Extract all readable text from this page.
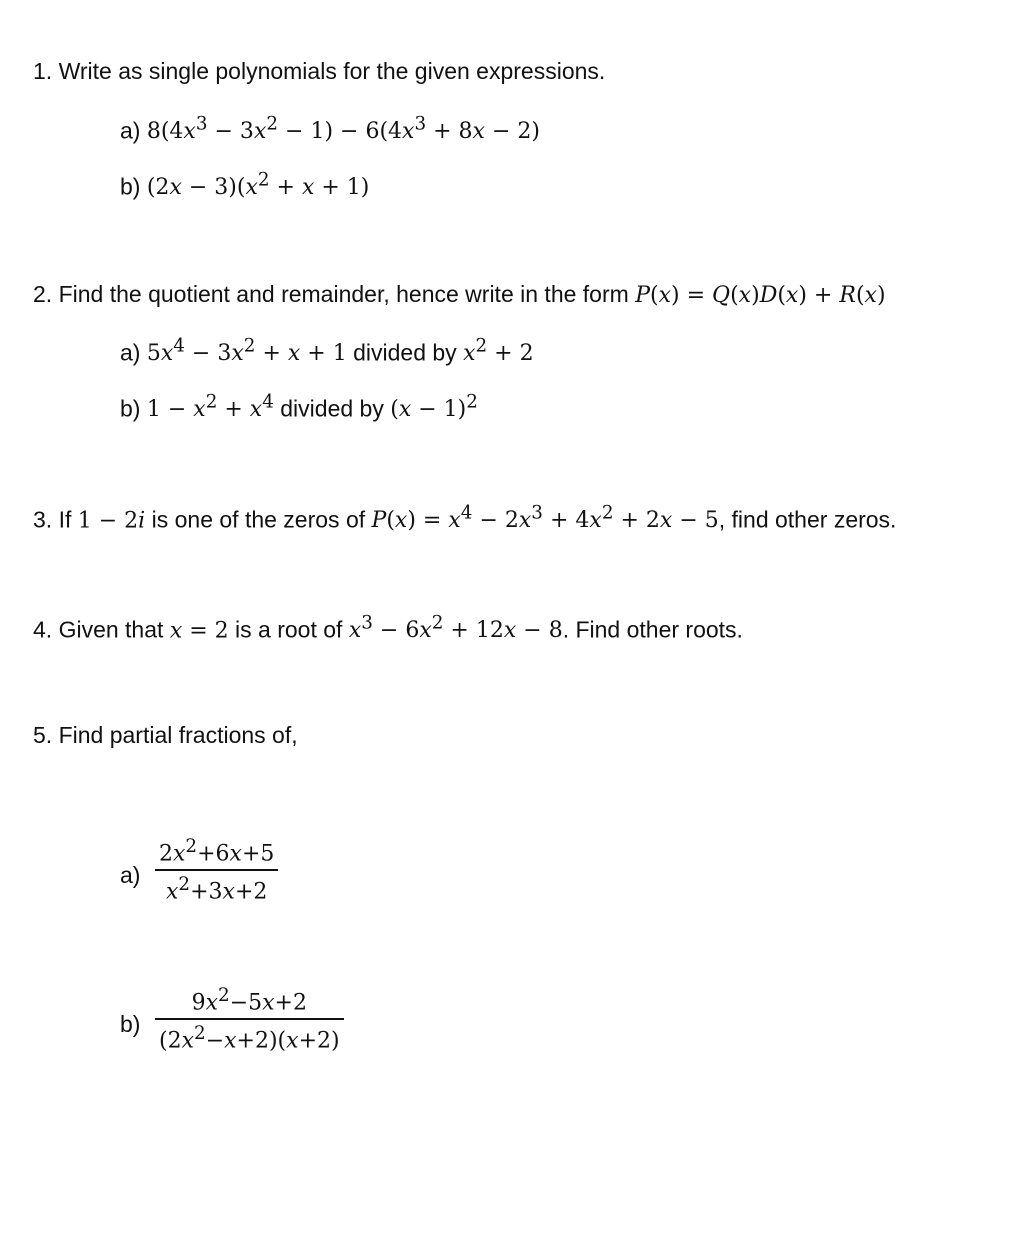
1. Write as single polynomials for the given expressions.
a) $8(4x^3 - 3x^2 - 1) - 6(4x^3 + 8x - 2)$
b) $(2x - 3)(x^2 + x + 1)$
2. Find the quotient and remainder, hence write in the form P(x) = Q(x)D(x) + R(x)
a) $5x^4 - 3x^2 + x + 1$ divided by $x^2 + 2$
b) $1 - x^2 + x^4$ divided by $(x - 1)^2$
3. If 1 − 2i is one of the zeros of $P(x) = x^4 - 2x^3 + 4x^2 + 2x - 5$, find other zeros.
4. Given that x = 2 is a root of $x^3 - 6x^2 + 12x - 8$. Find other roots.
5. Find partial fractions of,
a)
$2x^2+6x+5$
$x^2+3x+2$
b)
$9x^2-5x+2$
$(2x^2-x+2)(x+2)$
